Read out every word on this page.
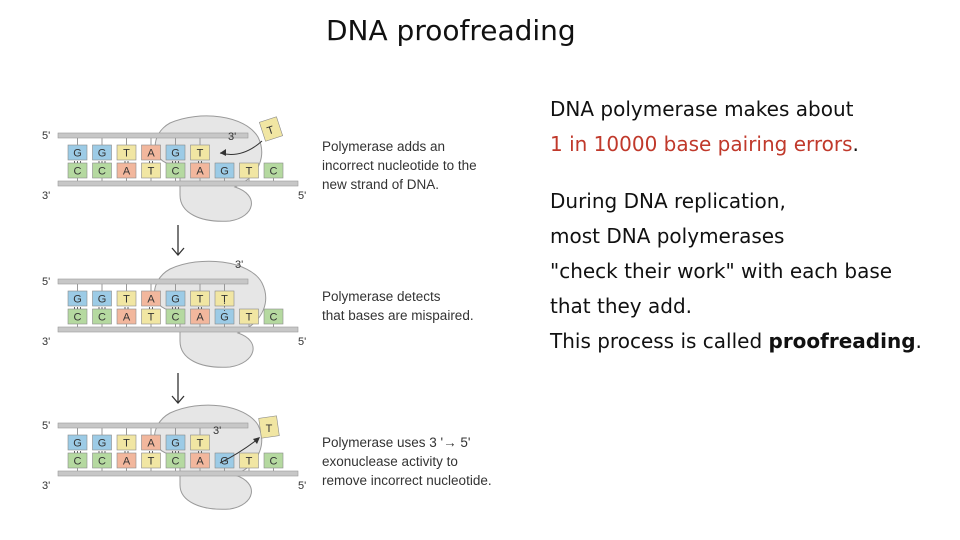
DNA proofreading
DNA polymerase makes about
1 in 10000 base pairing errors.
During DNA replication,
most DNA polymerases
"check their work" with each base
that they add.
This process is called proofreading.
5'	3'
3'	5'
G G T A G T
C C A T C A G T C
5'
3'
3'	5'
G G T A G T T
C C A T C A G T C
5'	3'
3'	5'
G G T A G T
C C A T C A G T C
T
⋮
T
Polymerase adds an
incorrect nucleotide to the
new strand of DNA.
Polymerase detects
that bases are mispaired.
Polymerase uses 3 '→ 5'
exonuclease activity to
remove incorrect nucleotide.
